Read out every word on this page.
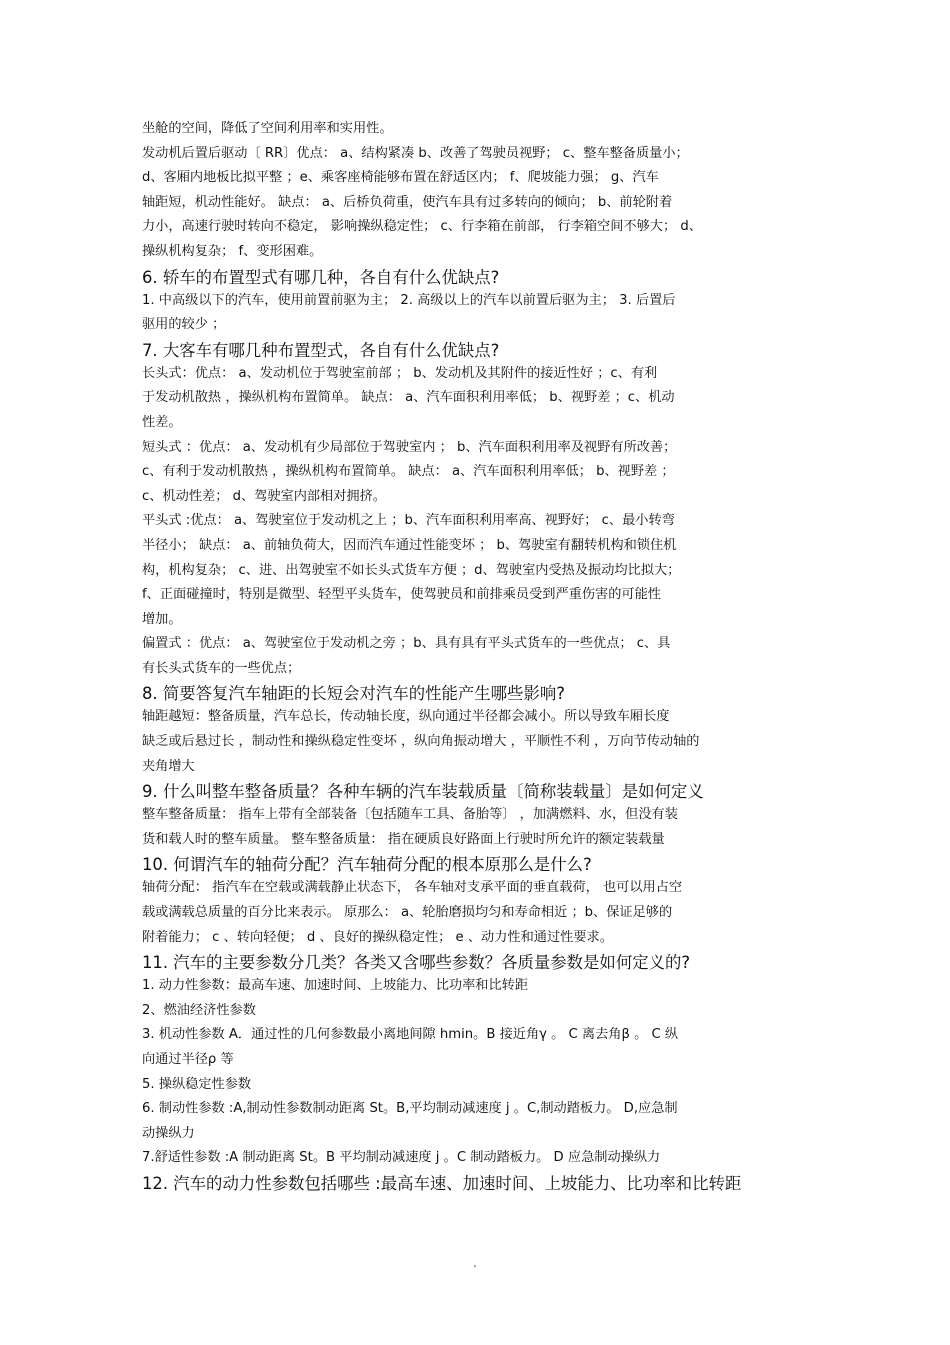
坐舱的空间，降低了空间利用率和实用性。
发动机后置后驱动〔 RR〕优点： a、结构紧凑 b、改善了驾驶员视野； c、整车整备质量小；
d、客厢内地板比拟平整 ；e、乘客座椅能够布置在舒适区内； f、爬坡能力强； g、汽车
轴距短，机动性能好。 缺点： a、后桥负荷重，使汽车具有过多转向的倾向； b、前轮附着
力小，高速行驶时转向不稳定， 影响操纵稳定性； c、行李箱在前部， 行李箱空间不够大； d、
操纵机构复杂； f、变形困难。
6. 轿车的布置型式有哪几种，各自有什么优缺点?
1. 中高级以下的汽车，使用前置前驱为主； 2. 高级以上的汽车以前置后驱为主； 3. 后置后
驱用的较少 ；
7. 大客车有哪几种布置型式，各自有什么优缺点?
长头式：优点： a、发动机位于驾驶室前部 ； b、发动机及其附件的接近性好 ；c、有利
于发动机散热 ，操纵机构布置简单。 缺点： a、汽车面积利用率低； b、视野差 ；c、机动
性差。
短头式 ：优点： a、发动机有少局部位于驾驶室内 ； b、汽车面积利用率及视野有所改善；
c、有利于发动机散热 ，操纵机构布置简单。 缺点： a、汽车面积利用率低； b、视野差 ；
c、机动性差； d、驾驶室内部相对拥挤。
平头式 :优点： a、驾驶室位于发动机之上 ；b、汽车面积利用率高、视野好； c、最小转弯
半径小； 缺点： a、前轴负荷大，因而汽车通过性能变坏 ； b、驾驶室有翻转机构和锁住机
构，机构复杂； c、进、出驾驶室不如长头式货车方便 ；d、驾驶室内受热及振动均比拟大；
f、正面碰撞时，特别是微型、轻型平头货车，使驾驶员和前排乘员受到严重伤害的可能性
增加。
偏置式 ：优点： a、驾驶室位于发动机之旁 ；b、具有具有平头式货车的一些优点； c、具
有长头式货车的一些优点；
8. 简要答复汽车轴距的长短会对汽车的性能产生哪些影响?
轴距越短：整备质量，汽车总长，传动轴长度，纵向通过半径都会减小。所以导致车厢长度
缺乏或后悬过长 ，制动性和操纵稳定性变坏 ，纵向角振动增大 ，平顺性不利 ，万向节传动轴的
夹角增大
9. 什么叫整车整备质量？各种车辆的汽车装载质量〔简称装载量〕是如何定义
整车整备质量： 指车上带有全部装备〔包括随车工具、备胎等〕 ，加满燃料、水，但没有装
货和载人时的整车质量。 整车整备质量： 指在硬质良好路面上行驶时所允许的额定装载量
10. 何谓汽车的轴荷分配？汽车轴荷分配的根本原那么是什么?
轴荷分配： 指汽车在空载或满载静止状态下， 各车轴对支承平面的垂直载荷， 也可以用占空
载或满载总质量的百分比来表示。 原那么： a、轮胎磨损均匀和寿命相近 ；b、保证足够的
附着能力； c 、转向轻便； d 、良好的操纵稳定性； e 、动力性和通过性要求。
11. 汽车的主要参数分几类？各类又含哪些参数？各质量参数是如何定义的?
1. 动力性参数：最高车速、加速时间、上坡能力、比功率和比转距
2、燃油经济性参数
3. 机动性参数 A．通过性的几何参数最小离地间隙 hmin。B 接近角γ 。 C 离去角β 。 C 纵
向通过半径ρ 等
5. 操纵稳定性参数
6. 制动性参数 :A,制动性参数制动距离 St。B,平均制动减速度 j 。C,制动踏板力。 D,应急制
动操纵力
7.舒适性参数 :A 制动距离 St。B 平均制动减速度 j 。C 制动踏板力。 D 应急制动操纵力
12. 汽车的动力性参数包括哪些 :最高车速、加速时间、上坡能力、比功率和比转距
.
